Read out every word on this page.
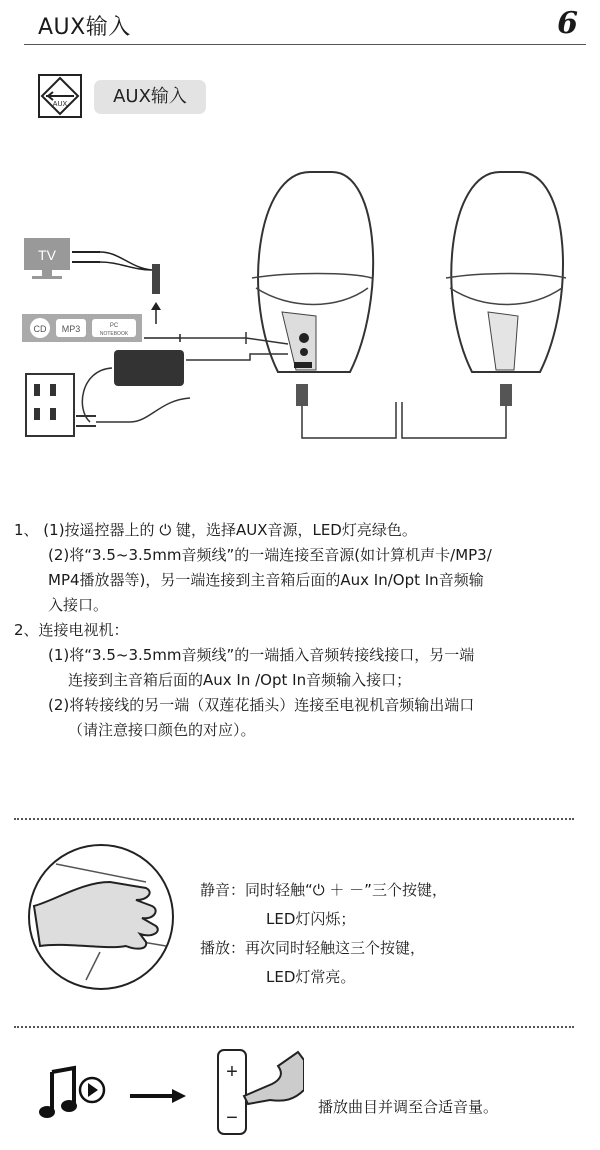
AUX输入	6
AUX	AUX输入
TV
CD MP3	PC
NOTEBOOK
1、 (1)按遥控器上的 ⏻ 键，选择AUX音源，LED灯亮绿色。
(2)将“3.5~3.5mm音频线”的一端连接至音源(如计算机声卡/MP3/
MP4播放器等)，另一端连接到主音箱后面的Aux In/Opt In音频输
入接口。
2、连接电视机：
(1)将“3.5~3.5mm音频线”的一端插入音频转接线接口，另一端
连接到主音箱后面的Aux In /Opt In音频输入接口；
(2)将转接线的另一端（双莲花插头）连接至电视机音频输出端口
（请注意接口颜色的对应）。
静音：同时轻触“⏻ ＋ －”三个按键，
LED灯闪烁；
播放：再次同时轻触这三个按键，
LED灯常亮。
+
−	播放曲目并调至合适音量。
